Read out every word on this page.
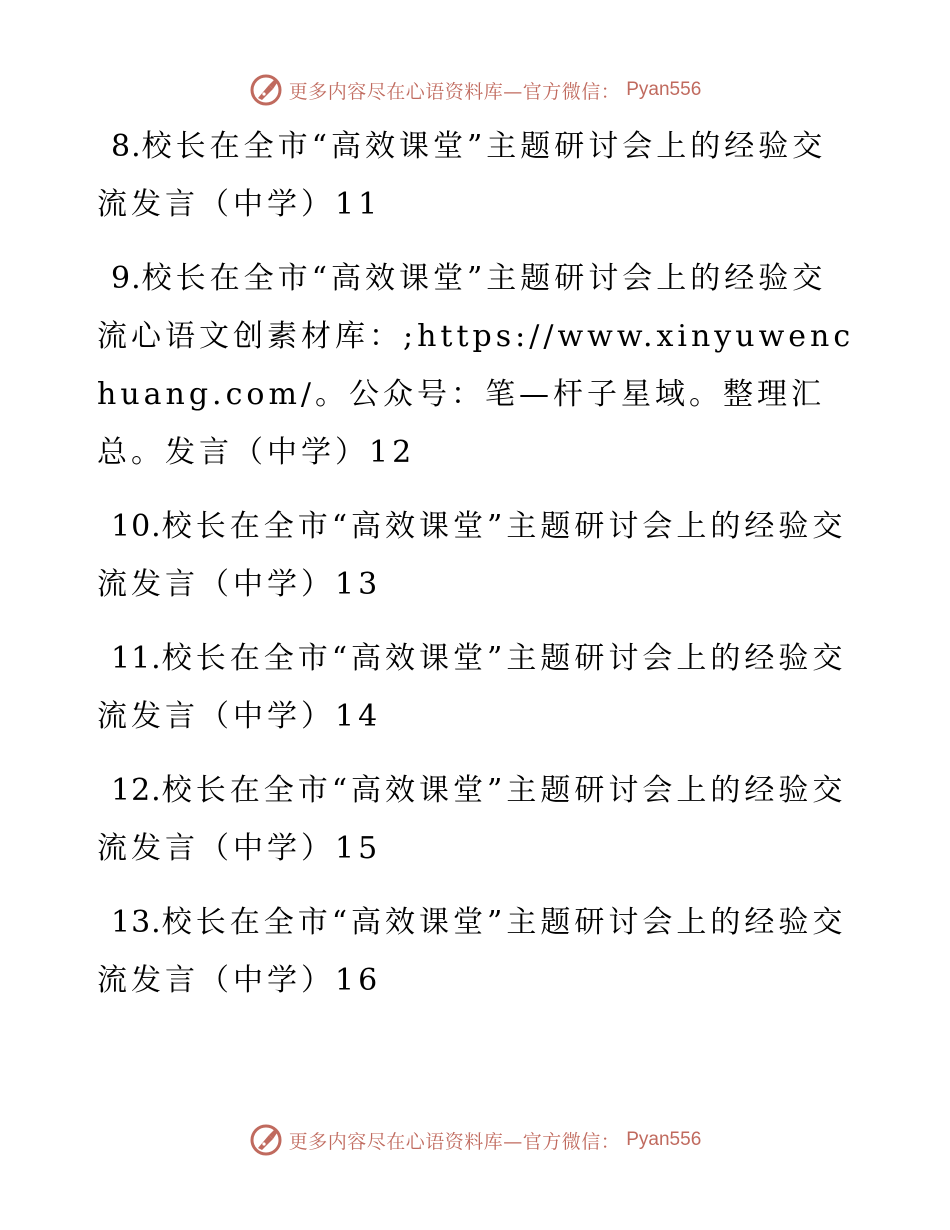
更多内容尽在心语资料库—官方微信： Pyan556
8.校长在全市“高效课堂”主题研讨会上的经验交流发言（中学）11
9.校长在全市“高效课堂”主题研讨会上的经验交流心语文创素材库：;https://www.xinyuwenchuang.com/。公众号：笔—杆子星域。整理汇总。发言（中学）12
10.校长在全市“高效课堂”主题研讨会上的经验交流发言（中学）13
11.校长在全市“高效课堂”主题研讨会上的经验交流发言（中学）14
12.校长在全市“高效课堂”主题研讨会上的经验交流发言（中学）15
13.校长在全市“高效课堂”主题研讨会上的经验交流发言（中学）16
更多内容尽在心语资料库—官方微信： Pyan556
